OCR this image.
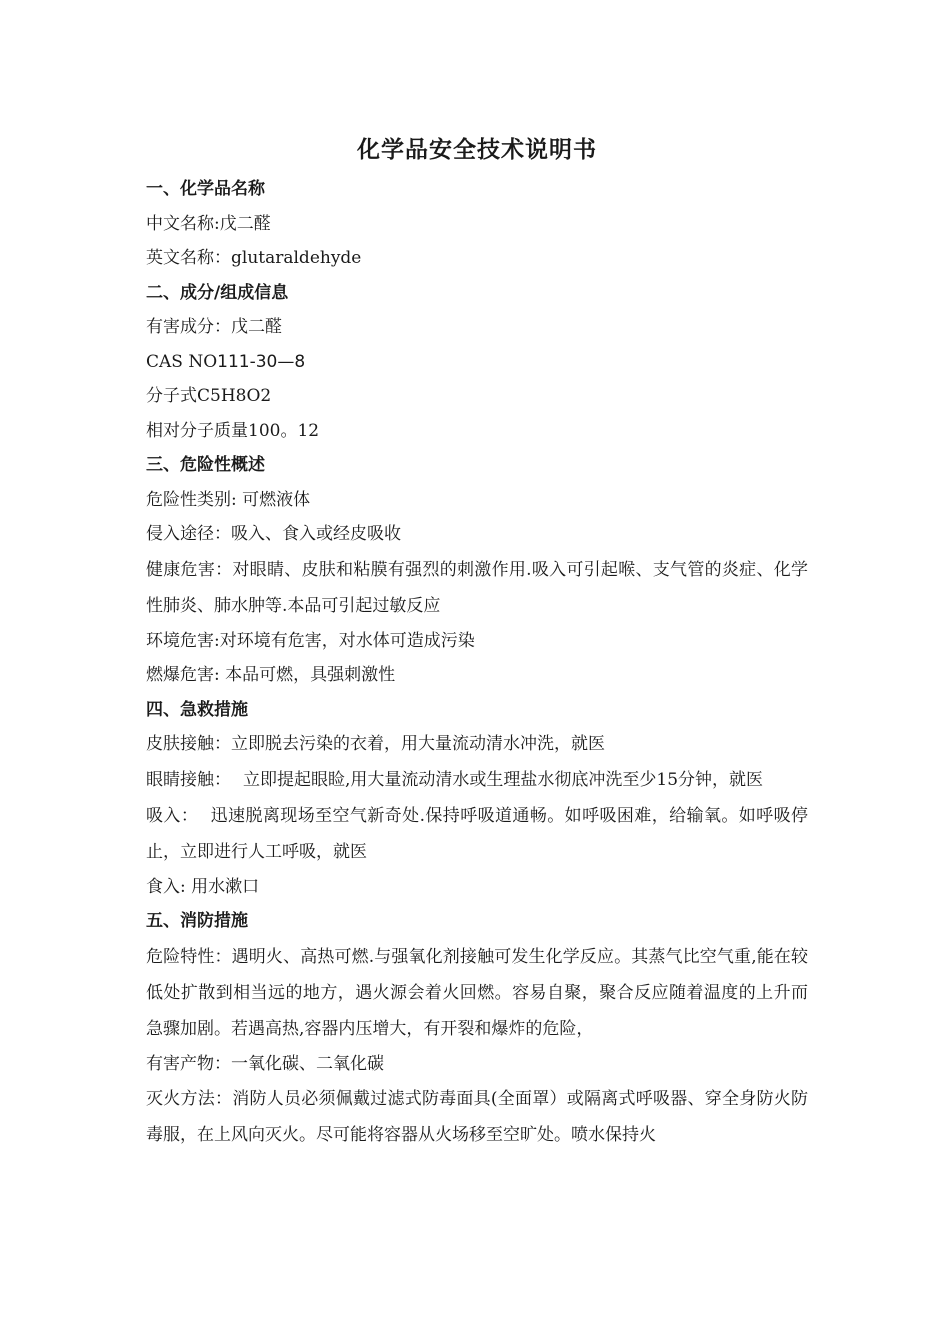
化学品安全技术说明书
一、化学品名称

中文名称:戊二醛

英文名称：glutaraldehyde

二、成分/组成信息

有害成分：戊二醛

CAS NO111-30—8

分子式C5H8O2

相对分子质量100。12

三、危险性概述

危险性类别: 可燃液体

侵入途径：吸入、食入或经皮吸收

健康危害：对眼睛、皮肤和粘膜有强烈的刺激作用.吸入可引起喉、支气管的炎症、化学性肺炎、肺水肿等.本品可引起过敏反应

环境危害:对环境有危害，对水体可造成污染

燃爆危害: 本品可燃，具强刺激性

四、急救措施

皮肤接触：立即脱去污染的衣着，用大量流动清水冲洗，就医

眼睛接触： 立即提起眼睑,用大量流动清水或生理盐水彻底冲洗至少15分钟，就医

吸入： 迅速脱离现场至空气新奇处.保持呼吸道通畅。如呼吸困难，给输氧。如呼吸停止，立即进行人工呼吸，就医

食入: 用水漱口

五、消防措施

危险特性：遇明火、高热可燃.与强氧化剂接触可发生化学反应。其蒸气比空气重,能在较低处扩散到相当远的地方，遇火源会着火回燃。容易自聚，聚合反应随着温度的上升而急骤加剧。若遇高热,容器内压增大，有开裂和爆炸的危险，

有害产物：一氧化碳、二氧化碳

灭火方法：消防人员必须佩戴过滤式防毒面具(全面罩）或隔离式呼吸器、穿全身防火防毒服，在上风向灭火。尽可能将容器从火场移至空旷处。喷水保持火
